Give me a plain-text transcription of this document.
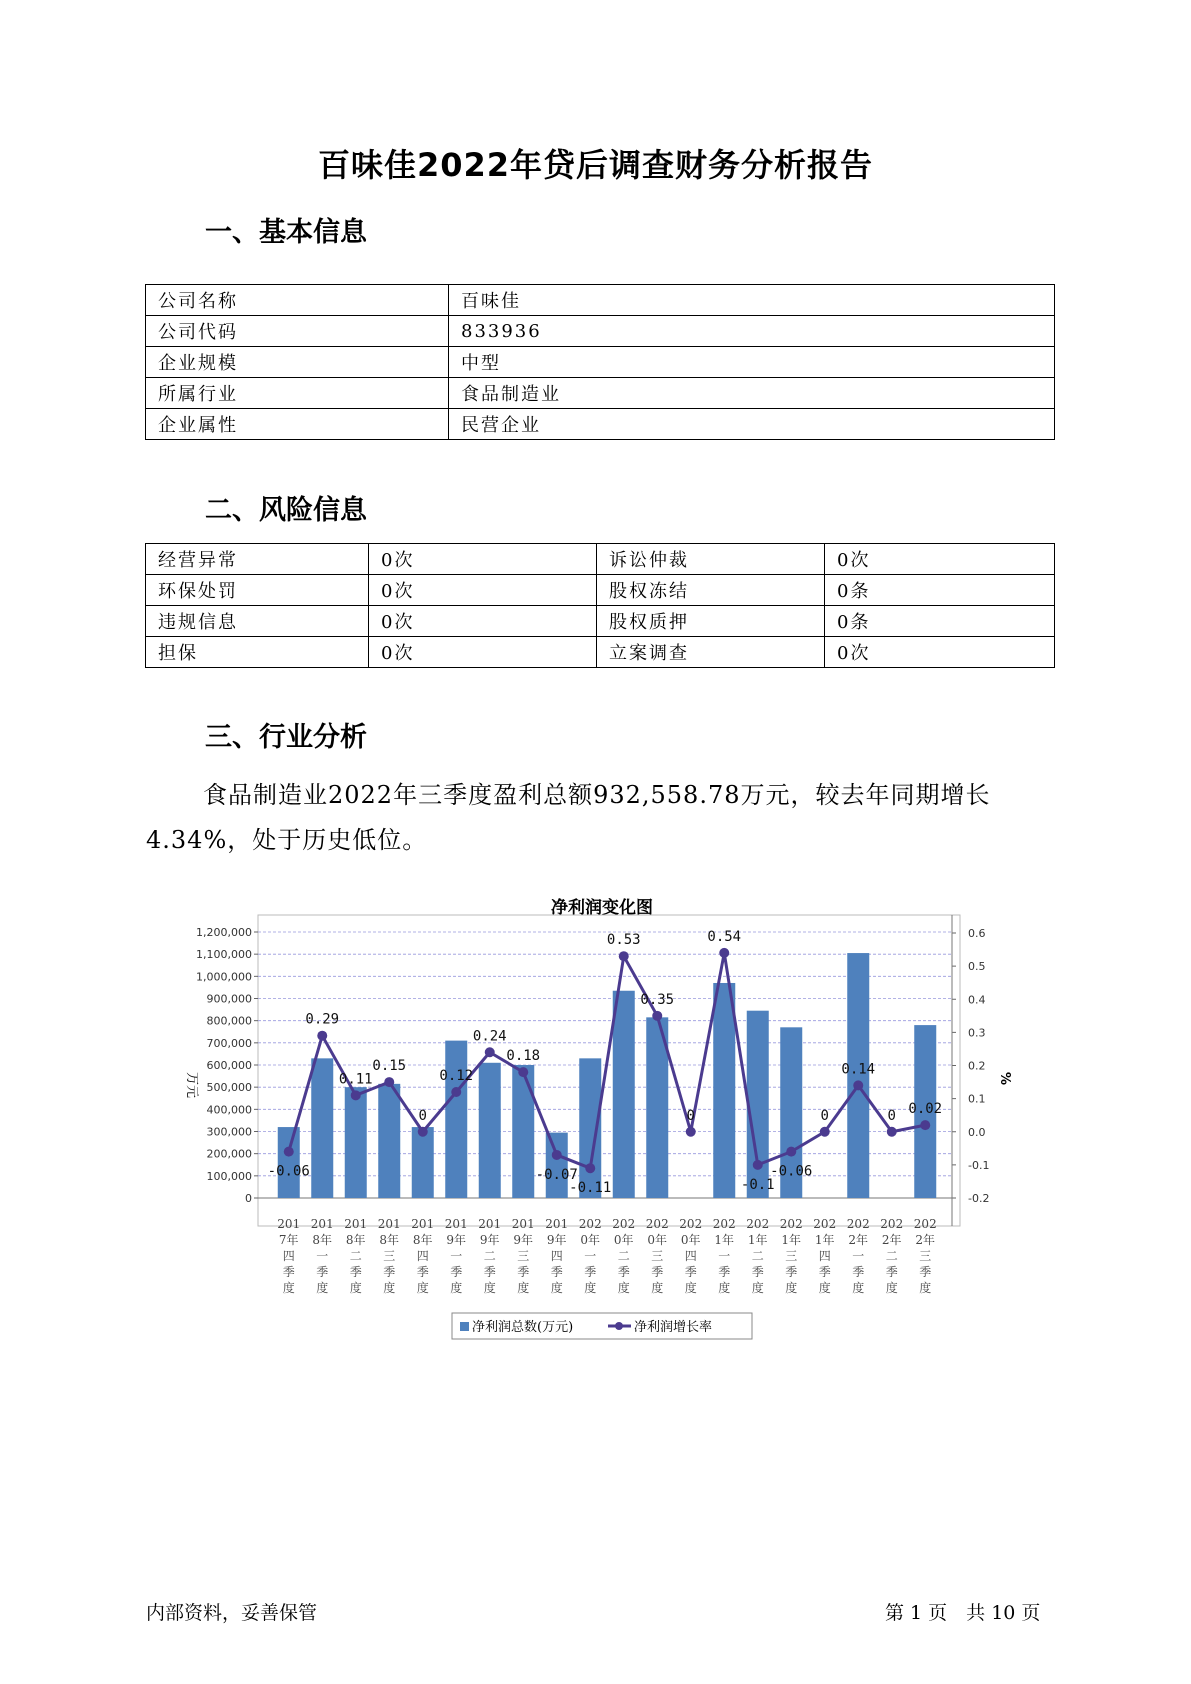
百味佳2022年贷后调查财务分析报告
一、基本信息
公司名称	百味佳
公司代码	833936
企业规模	中型
所属行业	食品制造业
企业属性	民营企业
二、风险信息
经营异常	0次	诉讼仲裁	0次
环保处罚	0次	股权冻结	0条
违规信息	0次	股权质押	0条
担保	0次	立案调查	0次
三、行业分析
食品制造业2022年三季度盈利总额932,558.78万元，较去年同期增长4.34%，处于历史低位。
净利润变化图
0
100,000
200,000
300,000
400,000
500,000
600,000
700,000
800,000
900,000
1,000,000
1,100,000
1,200,000
-0.2
-0.1
0.0
0.1
0.2
0.3
0.4
0.5
0.6
201
7年
四
季
度
201
8年
一
季
度
201
8年
二
季
度
201
8年
三
季
度
201
8年
四
季
度
201
9年
一
季
度
201
9年
二
季
度
201
9年
三
季
度
201
9年
四
季
度
202
0年
一
季
度
202
0年
二
季
度
202
0年
三
季
度
202
0年
四
季
度
202
1年
一
季
度
202
1年
二
季
度
202
1年
三
季
度
202
1年
四
季
度
202
2年
一
季
度
202
2年
二
季
度
202
2年
三
季
度
-0.06
0.29
0.11
0.15
0
0.12
0.24
0.18
-0.07
-0.11
0.53
0.35
0
0.54
-0.1
-0.06
0
0.14
0 0.02
万元	%
净利润总数(万元)	净利润增长率
内部资料，妥善保管	第 1 页　共 10 页
